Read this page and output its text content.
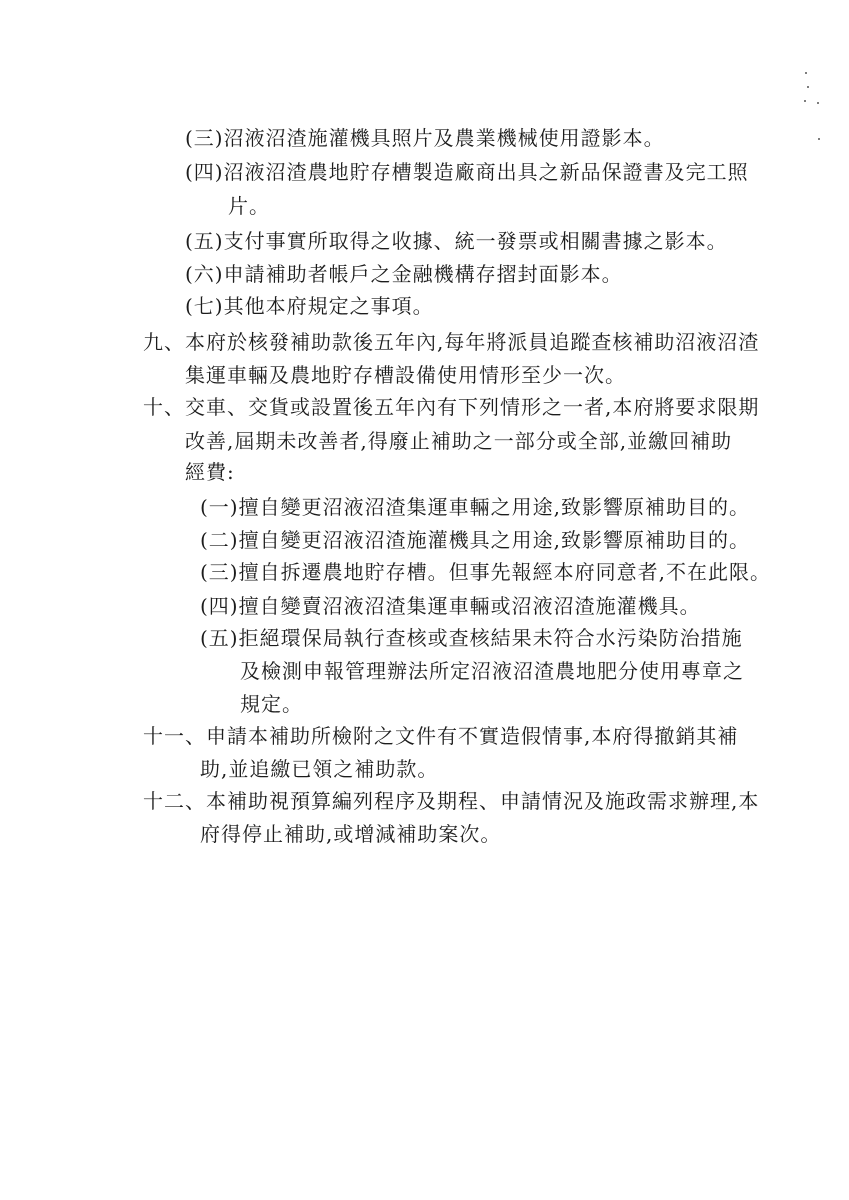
(三)沼液沼渣施灌機具照片及農業機械使用證影本。
(四)沼液沼渣農地貯存槽製造廠商出具之新品保證書及完工照
片。
(五)支付事實所取得之收據、統一發票或相關書據之影本。
(六)申請補助者帳戶之金融機構存摺封面影本。
(七)其他本府規定之事項。
九、本府於核發補助款後五年內,每年將派員追蹤查核補助沼液沼渣
集運車輛及農地貯存槽設備使用情形至少一次。
十、交車、交貨或設置後五年內有下列情形之一者,本府將要求限期
改善,屆期未改善者,得廢止補助之一部分或全部,並繳回補助
經費:
(一)擅自變更沼液沼渣集運車輛之用途,致影響原補助目的。
(二)擅自變更沼液沼渣施灌機具之用途,致影響原補助目的。
(三)擅自拆遷農地貯存槽。但事先報經本府同意者,不在此限。
(四)擅自變賣沼液沼渣集運車輛或沼液沼渣施灌機具。
(五)拒絕環保局執行查核或查核結果未符合水污染防治措施
及檢測申報管理辦法所定沼液沼渣農地肥分使用專章之
規定。
十一、申請本補助所檢附之文件有不實造假情事,本府得撤銷其補
助,並追繳已領之補助款。
十二、本補助視預算編列程序及期程、申請情況及施政需求辦理,本
府得停止補助,或增減補助案次。
